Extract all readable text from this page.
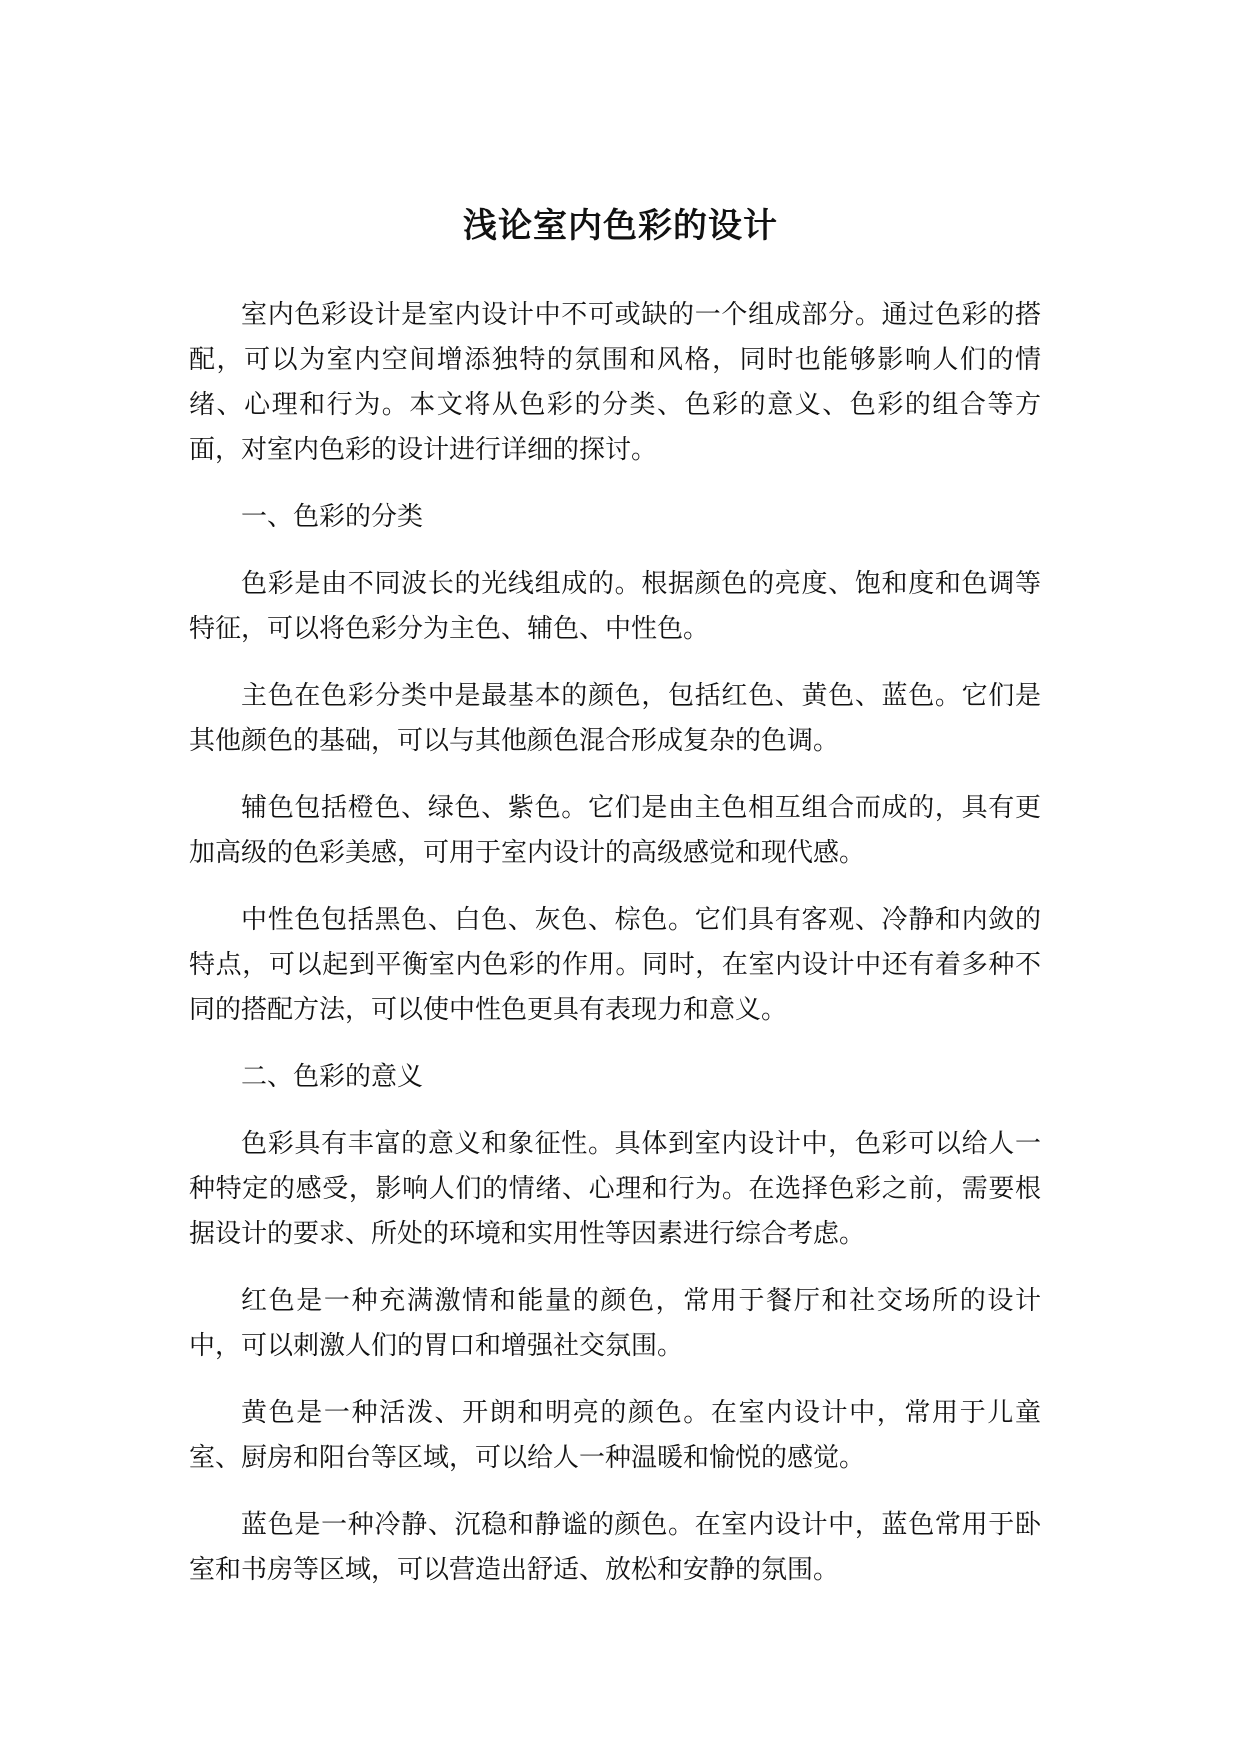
浅论室内色彩的设计

室内色彩设计是室内设计中不可或缺的一个组成部分。通过色彩的搭配，可以为室内空间增添独特的氛围和风格，同时也能够影响人们的情绪、心理和行为。本文将从色彩的分类、色彩的意义、色彩的组合等方面，对室内色彩的设计进行详细的探讨。

一、色彩的分类

色彩是由不同波长的光线组成的。根据颜色的亮度、饱和度和色调等特征，可以将色彩分为主色、辅色、中性色。

主色在色彩分类中是最基本的颜色，包括红色、黄色、蓝色。它们是其他颜色的基础，可以与其他颜色混合形成复杂的色调。

辅色包括橙色、绿色、紫色。它们是由主色相互组合而成的，具有更加高级的色彩美感，可用于室内设计的高级感觉和现代感。

中性色包括黑色、白色、灰色、棕色。它们具有客观、冷静和内敛的特点，可以起到平衡室内色彩的作用。同时，在室内设计中还有着多种不同的搭配方法，可以使中性色更具有表现力和意义。

二、色彩的意义

色彩具有丰富的意义和象征性。具体到室内设计中，色彩可以给人一种特定的感受，影响人们的情绪、心理和行为。在选择色彩之前，需要根据设计的要求、所处的环境和实用性等因素进行综合考虑。

红色是一种充满激情和能量的颜色，常用于餐厅和社交场所的设计中，可以刺激人们的胃口和增强社交氛围。

黄色是一种活泼、开朗和明亮的颜色。在室内设计中，常用于儿童室、厨房和阳台等区域，可以给人一种温暖和愉悦的感觉。

蓝色是一种冷静、沉稳和静谧的颜色。在室内设计中，蓝色常用于卧室和书房等区域，可以营造出舒适、放松和安静的氛围。
